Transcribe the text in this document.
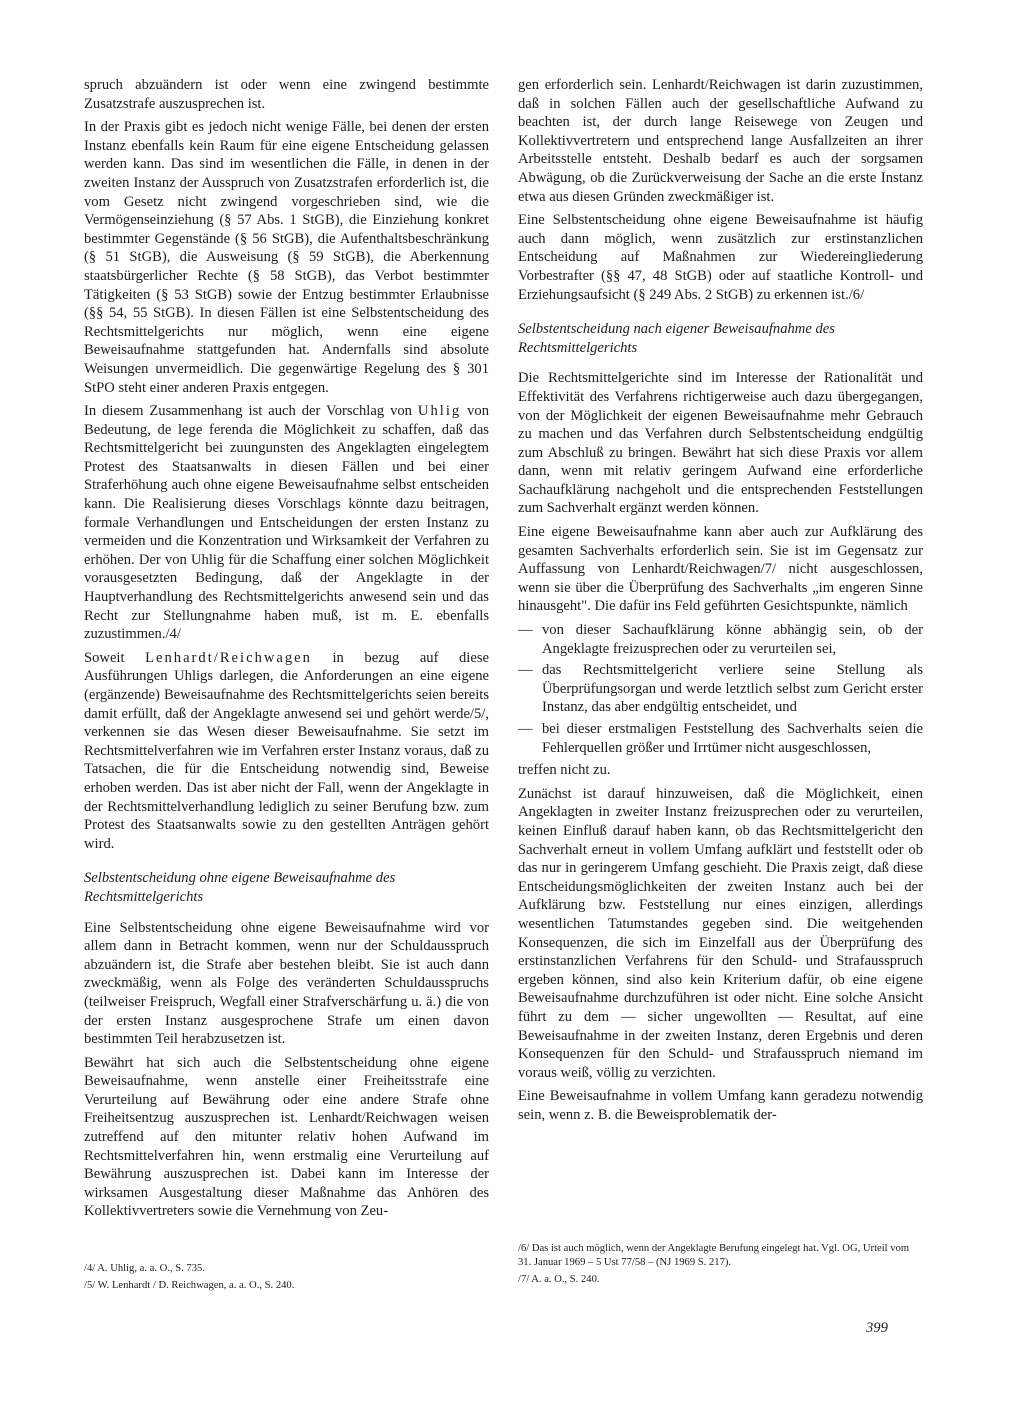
spruch abzuändern ist oder wenn eine zwingend bestimmte Zusatzstrafe auszusprechen ist.

In der Praxis gibt es jedoch nicht wenige Fälle, bei denen der ersten Instanz ebenfalls kein Raum für eine eigene Entscheidung gelassen werden kann. Das sind im wesentlichen die Fälle, in denen in der zweiten Instanz der Ausspruch von Zusatzstrafen erforderlich ist, die vom Gesetz nicht zwingend vorgeschrieben sind, wie die Vermögenseinziehung (§ 57 Abs. 1 StGB), die Einziehung konkret bestimmter Gegenstände (§ 56 StGB), die Aufenthaltsbeschränkung (§ 51 StGB), die Ausweisung (§ 59 StGB), die Aberkennung staatsbürgerlicher Rechte (§ 58 StGB), das Verbot bestimmter Tätigkeiten (§ 53 StGB) sowie der Entzug bestimmter Erlaubnisse (§§ 54, 55 StGB). In diesen Fällen ist eine Selbstentscheidung des Rechtsmittelgerichts nur möglich, wenn eine eigene Beweisaufnahme stattgefunden hat. Andernfalls sind absolute Weisungen unvermeidlich. Die gegenwärtige Regelung des § 301 StPO steht einer anderen Praxis entgegen.

In diesem Zusammenhang ist auch der Vorschlag von Uhlig von Bedeutung, de lege ferenda die Möglichkeit zu schaffen, daß das Rechtsmittelgericht bei zuungunsten des Angeklagten eingelegtem Protest des Staatsanwalts in diesen Fällen und bei einer Straferhöhung auch ohne eigene Beweisaufnahme selbst entscheiden kann. Die Realisierung dieses Vorschlags könnte dazu beitragen, formale Verhandlungen und Entscheidungen der ersten Instanz zu vermeiden und die Konzentration und Wirksamkeit der Verfahren zu erhöhen. Der von Uhlig für die Schaffung einer solchen Möglichkeit vorausgesetzten Bedingung, daß der Angeklagte in der Hauptverhandlung des Rechtsmittelgerichts anwesend sein und das Recht zur Stellungnahme haben muß, ist m. E. ebenfalls zuzustimmen./4/

Soweit Lenhardt/Reichwagen in bezug auf diese Ausführungen Uhligs darlegen, die Anforderungen an eine eigene (ergänzende) Beweisaufnahme des Rechtsmittelgerichts seien bereits damit erfüllt, daß der Angeklagte anwesend sei und gehört werde/5/, verkennen sie das Wesen dieser Beweisaufnahme. Sie setzt im Rechtsmittelverfahren wie im Verfahren erster Instanz voraus, daß zu Tatsachen, die für die Entscheidung notwendig sind, Beweise erhoben werden. Das ist aber nicht der Fall, wenn der Angeklagte in der Rechtsmittelverhandlung lediglich zu seiner Berufung bzw. zum Protest des Staatsanwalts sowie zu den gestellten Anträgen gehört wird.

Selbstentscheidung ohne eigene Beweisaufnahme des Rechtsmittelgerichts

Eine Selbstentscheidung ohne eigene Beweisaufnahme wird vor allem dann in Betracht kommen, wenn nur der Schuldausspruch abzuändern ist, die Strafe aber bestehen bleibt. Sie ist auch dann zweckmäßig, wenn als Folge des veränderten Schuldausspruchs (teilweiser Freispruch, Wegfall einer Strafverschärfung u. ä.) die von der ersten Instanz ausgesprochene Strafe um einen davon bestimmten Teil herabzusetzen ist.

Bewährt hat sich auch die Selbstentscheidung ohne eigene Beweisaufnahme, wenn anstelle einer Freiheitsstrafe eine Verurteilung auf Bewährung oder eine andere Strafe ohne Freiheitsentzug auszusprechen ist. Lenhardt/Reichwagen weisen zutreffend auf den mitunter relativ hohen Aufwand im Rechtsmittelverfahren hin, wenn erstmalig eine Verurteilung auf Bewährung auszusprechen ist. Dabei kann im Interesse der wirksamen Ausgestaltung dieser Maßnahme das Anhören des Kollektivvertreters sowie die Vernehmung von Zeu-

gen erforderlich sein. Lenhardt/Reichwagen ist darin zuzustimmen, daß in solchen Fällen auch der gesellschaftliche Aufwand zu beachten ist, der durch lange Reisewege von Zeugen und Kollektivvertretern und entsprechend lange Ausfallzeiten an ihrer Arbeitsstelle entsteht. Deshalb bedarf es auch der sorgsamen Abwägung, ob die Zurückverweisung der Sache an die erste Instanz etwa aus diesen Gründen zweckmäßiger ist.

Eine Selbstentscheidung ohne eigene Beweisaufnahme ist häufig auch dann möglich, wenn zusätzlich zur erstinstanzlichen Entscheidung auf Maßnahmen zur Wiedereingliederung Vorbestrafter (§§ 47, 48 StGB) oder auf staatliche Kontroll- und Erziehungsaufsicht (§ 249 Abs. 2 StGB) zu erkennen ist./6/

Selbstentscheidung nach eigener Beweisaufnahme des Rechtsmittelgerichts

Die Rechtsmittelgerichte sind im Interesse der Rationalität und Effektivität des Verfahrens richtigerweise auch dazu übergegangen, von der Möglichkeit der eigenen Beweisaufnahme mehr Gebrauch zu machen und das Verfahren durch Selbstentscheidung endgültig zum Abschluß zu bringen. Bewährt hat sich diese Praxis vor allem dann, wenn mit relativ geringem Aufwand eine erforderliche Sachaufklärung nachgeholt und die entsprechenden Feststellungen zum Sachverhalt ergänzt werden können.

Eine eigene Beweisaufnahme kann aber auch zur Aufklärung des gesamten Sachverhalts erforderlich sein. Sie ist im Gegensatz zur Auffassung von Lenhardt/Reichwagen/7/ nicht ausgeschlossen, wenn sie über die Überprüfung des Sachverhalts „im engeren Sinne hinausgeht". Die dafür ins Feld geführten Gesichtspunkte, nämlich

— von dieser Sachaufklärung könne abhängig sein, ob der Angeklagte freizusprechen oder zu verurteilen sei,
— das Rechtsmittelgericht verliere seine Stellung als Überprüfungsorgan und werde letztlich selbst zum Gericht erster Instanz, das aber endgültig entscheidet, und
— bei dieser erstmaligen Feststellung des Sachverhalts seien die Fehlerquellen größer und Irrtümer nicht ausgeschlossen,

treffen nicht zu.

Zunächst ist darauf hinzuweisen, daß die Möglichkeit, einen Angeklagten in zweiter Instanz freizusprechen oder zu verurteilen, keinen Einfluß darauf haben kann, ob das Rechtsmittelgericht den Sachverhalt erneut in vollem Umfang aufklärt und feststellt oder ob das nur in geringerem Umfang geschieht. Die Praxis zeigt, daß diese Entscheidungsmöglichkeiten der zweiten Instanz auch bei der Aufklärung bzw. Feststellung nur eines einzigen, allerdings wesentlichen Tatumstandes gegeben sind. Die weitgehenden Konsequenzen, die sich im Einzelfall aus der Überprüfung des erstinstanzlichen Verfahrens für den Schuld- und Strafausspruch ergeben können, sind also kein Kriterium dafür, ob eine eigene Beweisaufnahme durchzuführen ist oder nicht. Eine solche Ansicht führt zu dem — sicher ungewollten — Resultat, auf eine Beweisaufnahme in der zweiten Instanz, deren Ergebnis und deren Konsequenzen für den Schuld- und Strafausspruch niemand im voraus weiß, völlig zu verzichten.

Eine Beweisaufnahme in vollem Umfang kann geradezu notwendig sein, wenn z. B. die Beweisproblematik der-

/4/ A. Uhlig, a. a. O., S. 735.

/5/ W. Lenhardt / D. Reichwagen, a. a. O., S. 240.

/6/ Das ist auch möglich, wenn der Angeklagte Berufung eingelegt hat. Vgl. OG, Urteil vom 31. Januar 1969 – 5 Ust 77/58 – (NJ 1969 S. 217).

/7/ A. a. O., S. 240.

399
